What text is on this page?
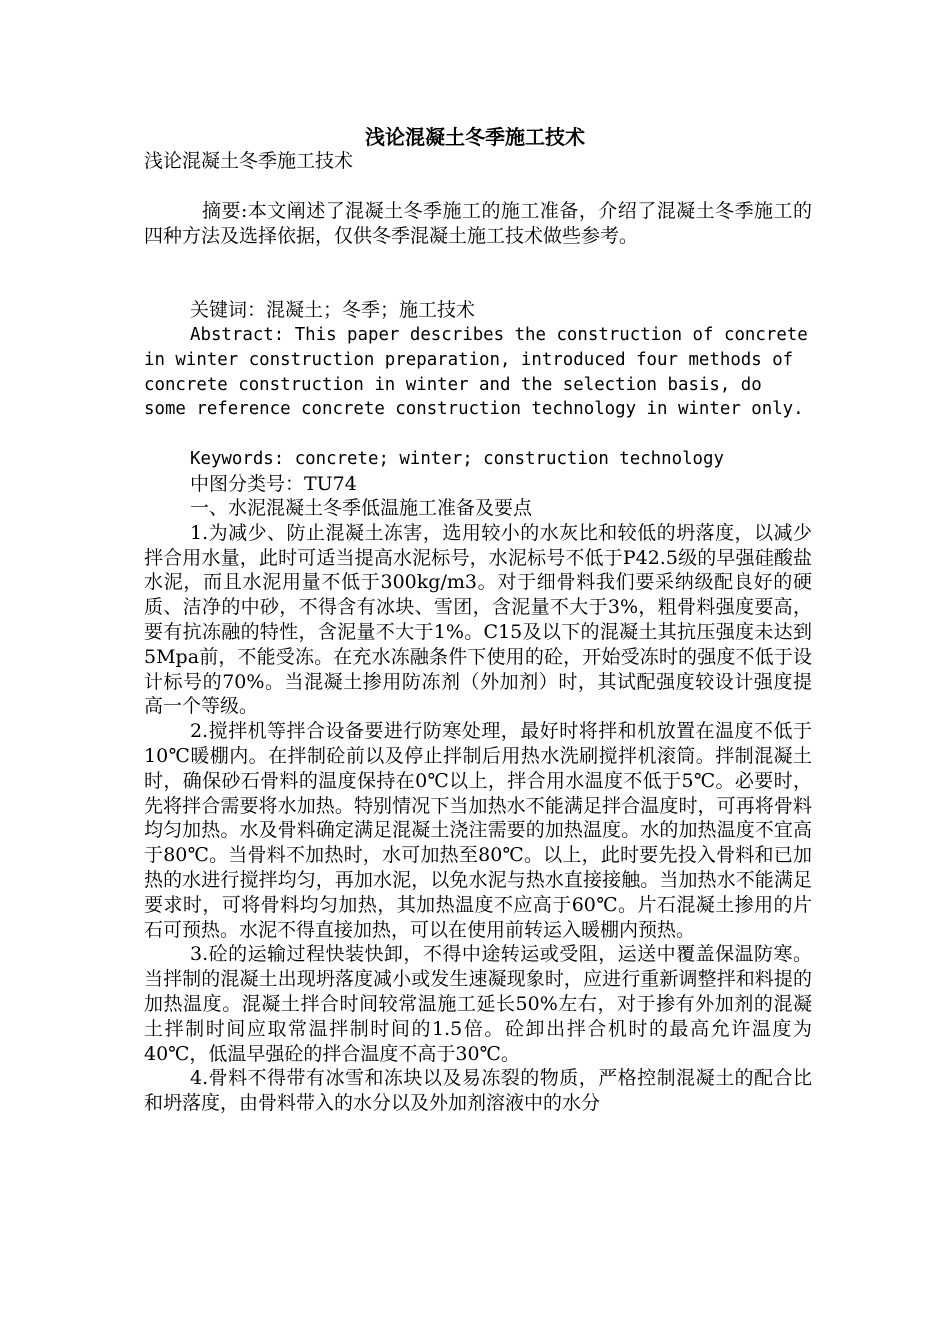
浅论混凝土冬季施工技术

浅论混凝土冬季施工技术

摘要:本文阐述了混凝土冬季施工的施工准备，介绍了混凝土冬季施工的四种方法及选择依据，仅供冬季混凝土施工技术做些参考。

关键词：混凝土；冬季；施工技术

Abstract: This paper describes the construction of concrete in winter construction preparation, introduced four methods of concrete construction in winter and the selection basis, do some reference concrete construction technology in winter only.

Keywords: concrete; winter; construction technology

中图分类号：TU74

一、水泥混凝土冬季低温施工准备及要点

1.为减少、防止混凝土冻害，选用较小的水灰比和较低的坍落度，以减少拌合用水量，此时可适当提高水泥标号，水泥标号不低于P42.5级的早强硅酸盐水泥，而且水泥用量不低于300kg/m3。对于细骨料我们要采纳级配良好的硬质、洁净的中砂，不得含有冰块、雪团，含泥量不大于3%，粗骨料强度要高，要有抗冻融的特性，含泥量不大于1%。C15及以下的混凝土其抗压强度未达到5Mpa前，不能受冻。在充水冻融条件下使用的砼，开始受冻时的强度不低于设计标号的70%。当混凝土掺用防冻剂（外加剂）时，其试配强度较设计强度提高一个等级。

2.搅拌机等拌合设备要进行防寒处理，最好时将拌和机放置在温度不低于10℃暖棚内。在拌制砼前以及停止拌制后用热水洗刷搅拌机滚筒。拌制混凝土时，确保砂石骨料的温度保持在0℃以上，拌合用水温度不低于5℃。必要时，先将拌合需要将水加热。特别情况下当加热水不能满足拌合温度时，可再将骨料均匀加热。水及骨料确定满足混凝土浇注需要的加热温度。水的加热温度不宜高于80℃。当骨料不加热时，水可加热至80℃。以上，此时要先投入骨料和已加热的水进行搅拌均匀，再加水泥，以免水泥与热水直接接触。当加热水不能满足要求时，可将骨料均匀加热，其加热温度不应高于60℃。片石混凝土掺用的片石可预热。水泥不得直接加热，可以在使用前转运入暖棚内预热。

3.砼的运输过程快装快卸，不得中途转运或受阻，运送中覆盖保温防寒。当拌制的混凝土出现坍落度减小或发生速凝现象时，应进行重新调整拌和料提的加热温度。混凝土拌合时间较常温施工延长50%左右，对于掺有外加剂的混凝土拌制时间应取常温拌制时间的1.5倍。砼卸出拌合机时的最高允许温度为40℃，低温早强砼的拌合温度不高于30℃。

4.骨料不得带有冰雪和冻块以及易冻裂的物质，严格控制混凝土的配合比和坍落度，由骨料带入的水分以及外加剂溶液中的水分
